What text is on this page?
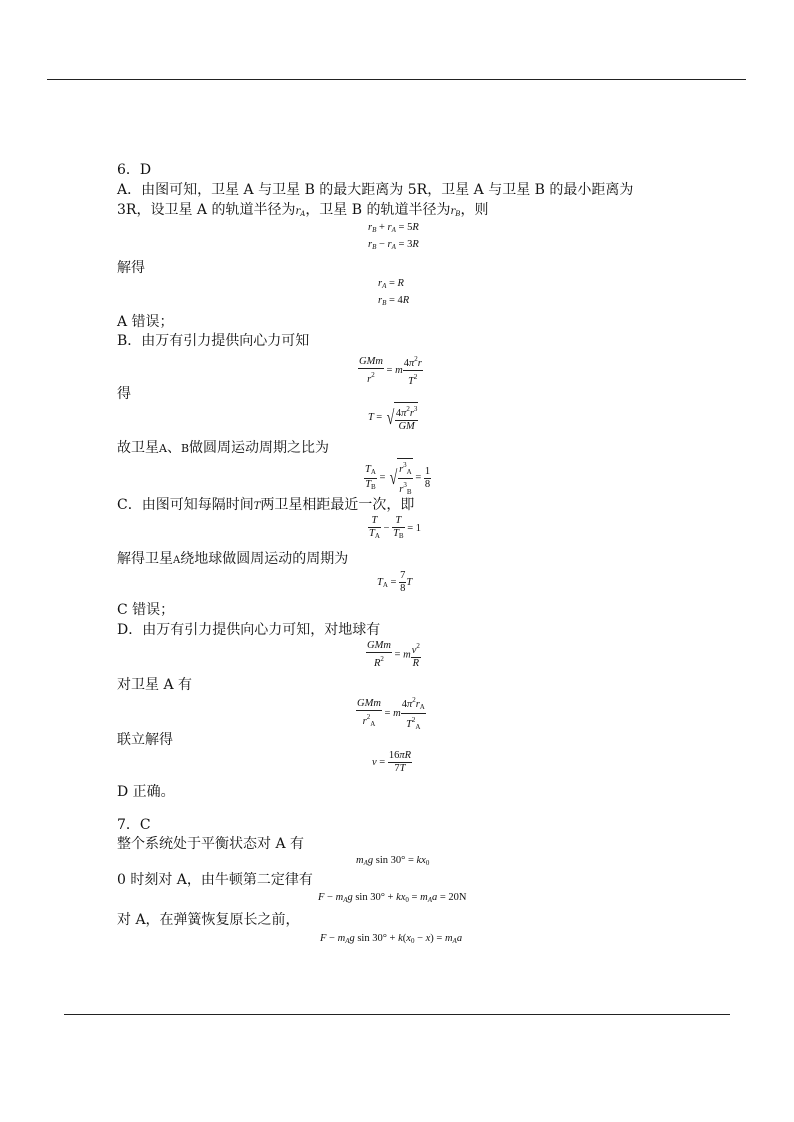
6．D
A．由图可知，卫星 A 与卫星 B 的最大距离为 5R，卫星 A 与卫星 B 的最小距离为
3R，设卫星 A 的轨道半径为$r_A$，卫星 B 的轨道半径为$r_B$，则
$r_B + r_A = 5R$
$r_B - r_A = 3R$
解得
$r_A = R$
$r_B = 4R$
A 错误；
B．由万有引力提供向心力可知
$\frac{\text{GMm}}{r^2} = m \frac{4\pi^2r}{T^2}$
得
T = √ $\frac{4\pi^2r^3}{GM}$
故卫星A、B做圆周运动周期之比为
$\frac{T_A}{T_B}$ = √ $\frac{r^3_A}{r^3_B} = \frac{1}{8}$
C．由图可知每隔时间T两卫星相距最近一次，即
$\frac{T}{T_A} - \frac{T}{T_B} = 1$
解得卫星A绕地球做圆周运动的周期为
$T_A = \frac{7}{8}$ T
C 错误；
D．由万有引力提供向心力可知，对地球有
$\frac{\text{GMm}}{R^2} = m \frac{v^2}{R}$
对卫星 A 有
$\frac{\text{GMm}}{r^2_A} = m \frac{4\pi^2r_A}{T^2_A}$
联立解得
$v = \frac{16\pi R}{7T}$
D 正确。
7．C
整个系统处于平衡状态对 A 有
$m_Ag$ $\sin 30^\circ = kx_0$
0 时刻对 A，由牛顿第二定律有
$F - m_Ag$ $\sin 30^\circ + kx_0 = m_Aa = 20N$
对 A，在弹簧恢复原长之前，
$F - m_Ag$ $\sin 30^\circ + k(x_0 - x) = m_Aa$
